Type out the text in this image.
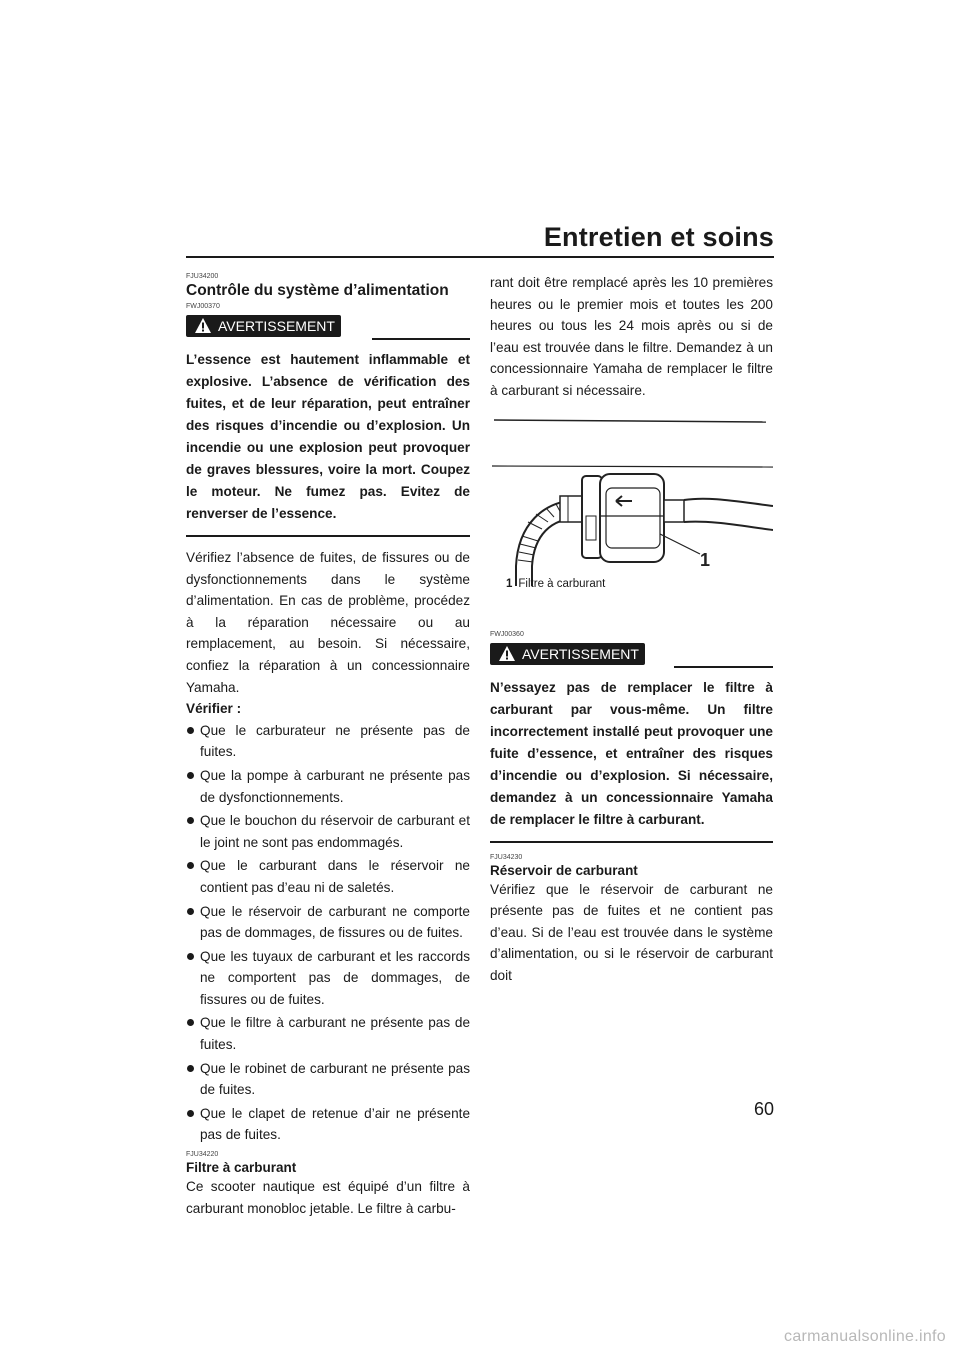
Entretien et soins
FJU34200
Contrôle du système d’alimentation
FWJ00370
AVERTISSEMENT
L’essence est hautement inflammable et explosive. L’absence de vérification des fuites, et de leur réparation, peut entraîner des risques d’incendie ou d’explosion. Un incendie ou une explosion peut provoquer de graves blessures, voire la mort. Coupez le moteur. Ne fumez pas. Evitez de renverser de l’essence.

Vérifiez l’absence de fuites, de fissures ou de dysfonctionnements dans le système d’alimentation. En cas de problème, procédez à la réparation nécessaire ou au remplacement, au besoin. Si nécessaire, confiez la réparation à un concessionnaire Yamaha.

Vérifier :
Que le carburateur ne présente pas de fuites.
Que la pompe à carburant ne présente pas de dysfonctionnements.
Que le bouchon du réservoir de carburant et le joint ne sont pas endommagés.
Que le carburant dans le réservoir ne contient pas d’eau ni de saletés.
Que le réservoir de carburant ne comporte pas de dommages, de fissures ou de fuites.
Que les tuyaux de carburant et les raccords ne comportent pas de dommages, de fissures ou de fuites.
Que le filtre à carburant ne présente pas de fuites.
Que le robinet de carburant ne présente pas de fuites.
Que le clapet de retenue d’air ne présente pas de fuites.
FJU34220
Filtre à carburant

Ce scooter nautique est équipé d’un filtre à carburant monobloc jetable. Le filtre à carbu-

rant doit être remplacé après les 10 premières heures ou le premier mois et toutes les 200 heures ou tous les 24 mois après ou si de l’eau est trouvée dans le filtre. Demandez à un concessionnaire Yamaha de remplacer le filtre à carburant si nécessaire.

1
1 Filtre à carburant
FWJ00360
AVERTISSEMENT
N’essayez pas de remplacer le filtre à carburant par vous-même. Un filtre incorrectement installé peut provoquer une fuite d’essence, et entraîner des risques d’incendie ou d’explosion. Si nécessaire, demandez à un concessionnaire Yamaha de remplacer le filtre à carburant.
FJU34230
Réservoir de carburant

Vérifiez que le réservoir de carburant ne présente pas de fuites et ne contient pas d’eau. Si de l’eau est trouvée dans le système d’alimentation, ou si le réservoir de carburant doit

60
carmanualsonline.info
